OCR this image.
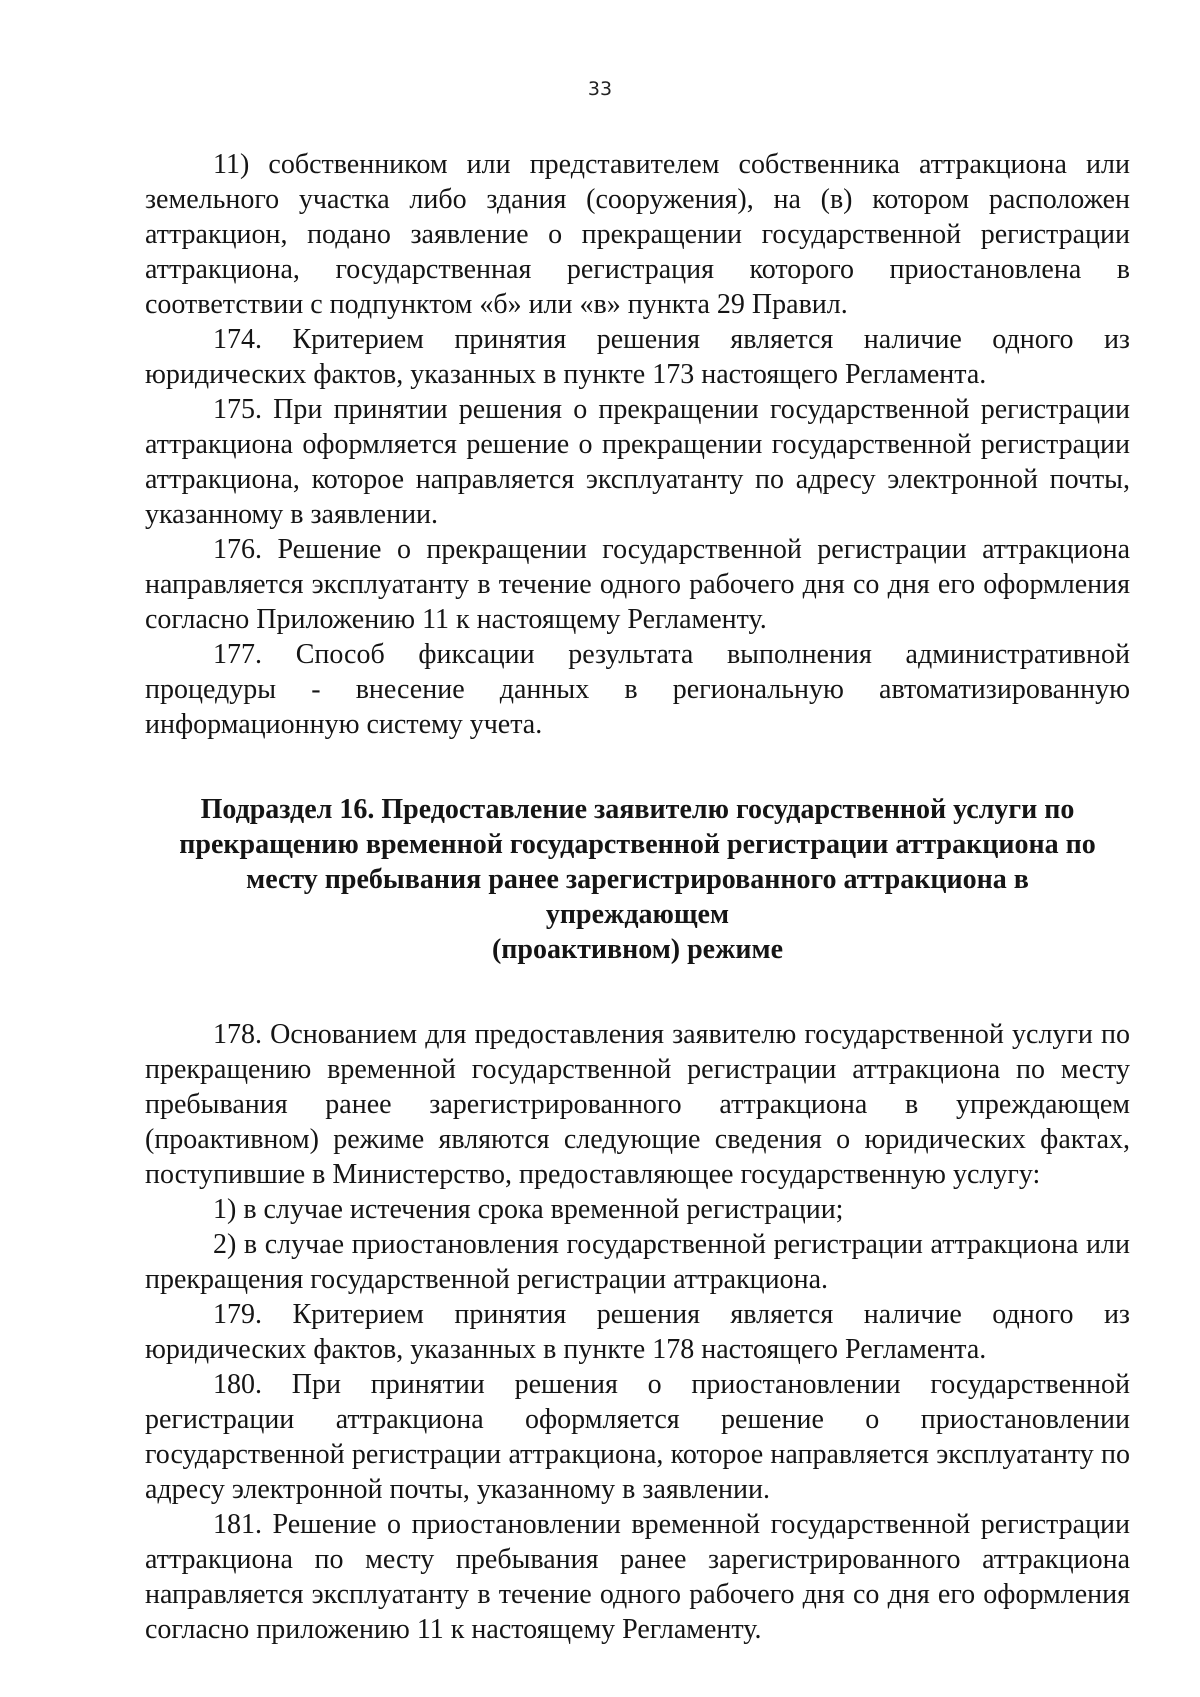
33

11) собственником или представителем собственника аттракциона или земельного участка либо здания (сооружения), на (в) котором расположен аттракцион, подано заявление о прекращении государственной регистрации аттракциона, государственная регистрация которого приостановлена в соответствии с подпунктом «б» или «в» пункта 29 Правил.

174. Критерием принятия решения является наличие одного из юридических фактов, указанных в пункте 173 настоящего Регламента.

175. При принятии решения о прекращении государственной регистрации аттракциона оформляется решение о прекращении государственной регистрации аттракциона, которое направляется эксплуатанту по адресу электронной почты, указанному в заявлении.

176. Решение о прекращении государственной регистрации аттракциона направляется эксплуатанту в течение одного рабочего дня со дня его оформления согласно Приложению 11 к настоящему Регламенту.

177. Способ фиксации результата выполнения административной процедуры - внесение данных в региональную автоматизированную информационную систему учета.

Подраздел 16. Предоставление заявителю государственной услуги по
прекращению временной государственной регистрации аттракциона по
месту пребывания ранее зарегистрированного аттракциона в упреждающем
(проактивном) режиме

178. Основанием для предоставления заявителю государственной услуги по прекращению временной государственной регистрации аттракциона по месту пребывания ранее зарегистрированного аттракциона в упреждающем (проактивном) режиме являются следующие сведения о юридических фактах, поступившие в Министерство, предоставляющее государственную услугу:

1) в случае истечения срока временной регистрации;

2) в случае приостановления государственной регистрации аттракциона или прекращения государственной регистрации аттракциона.

179. Критерием принятия решения является наличие одного из юридических фактов, указанных в пункте 178 настоящего Регламента.

180. При принятии решения о приостановлении государственной регистрации аттракциона оформляется решение о приостановлении государственной регистрации аттракциона, которое направляется эксплуатанту по адресу электронной почты, указанному в заявлении.

181. Решение о приостановлении временной государственной регистрации аттракциона по месту пребывания ранее зарегистрированного аттракциона направляется эксплуатанту в течение одного рабочего дня со дня его оформления согласно приложению 11 к настоящему Регламенту.
